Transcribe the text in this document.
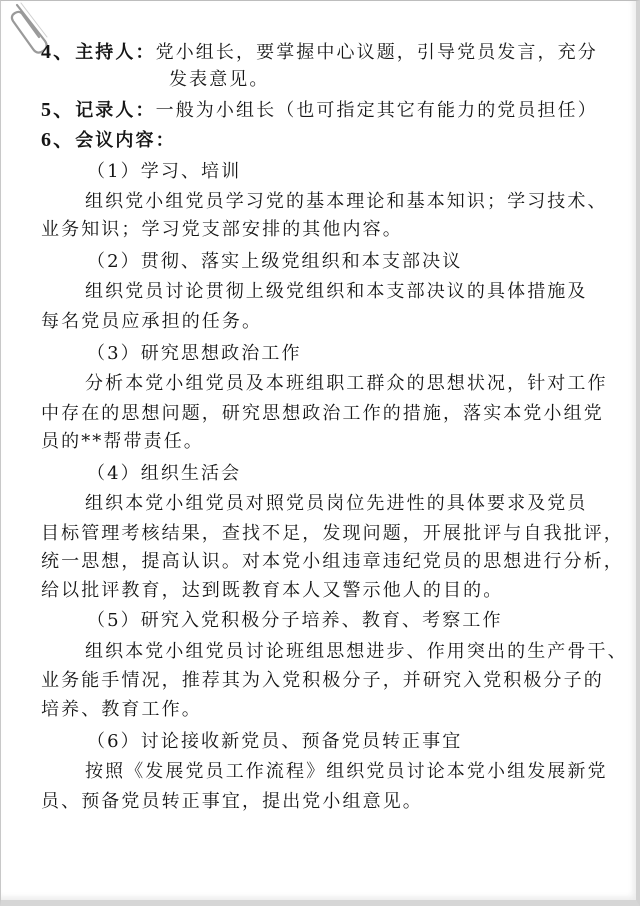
4、主持人：党小组长，要掌握中心议题，引导党员发言，充分
发表意见。
5、记录人：一般为小组长（也可指定其它有能力的党员担任）
6、会议内容：
（1）学习、培训
组织党小组党员学习党的基本理论和基本知识；学习技术、
业务知识；学习党支部安排的其他内容。
（2）贯彻、落实上级党组织和本支部决议
组织党员讨论贯彻上级党组织和本支部决议的具体措施及
每名党员应承担的任务。
（3）研究思想政治工作
分析本党小组党员及本班组职工群众的思想状况，针对工作
中存在的思想问题，研究思想政治工作的措施，落实本党小组党
员的**帮带责任。
（4）组织生活会
组织本党小组党员对照党员岗位先进性的具体要求及党员
目标管理考核结果，查找不足，发现问题，开展批评与自我批评，
统一思想，提高认识。对本党小组违章违纪党员的思想进行分析，
给以批评教育，达到既教育本人又警示他人的目的。
（5）研究入党积极分子培养、教育、考察工作
组织本党小组党员讨论班组思想进步、作用突出的生产骨干、
业务能手情况，推荐其为入党积极分子，并研究入党积极分子的
培养、教育工作。
（6）讨论接收新党员、预备党员转正事宜
按照《发展党员工作流程》组织党员讨论本党小组发展新党
员、预备党员转正事宜，提出党小组意见。
